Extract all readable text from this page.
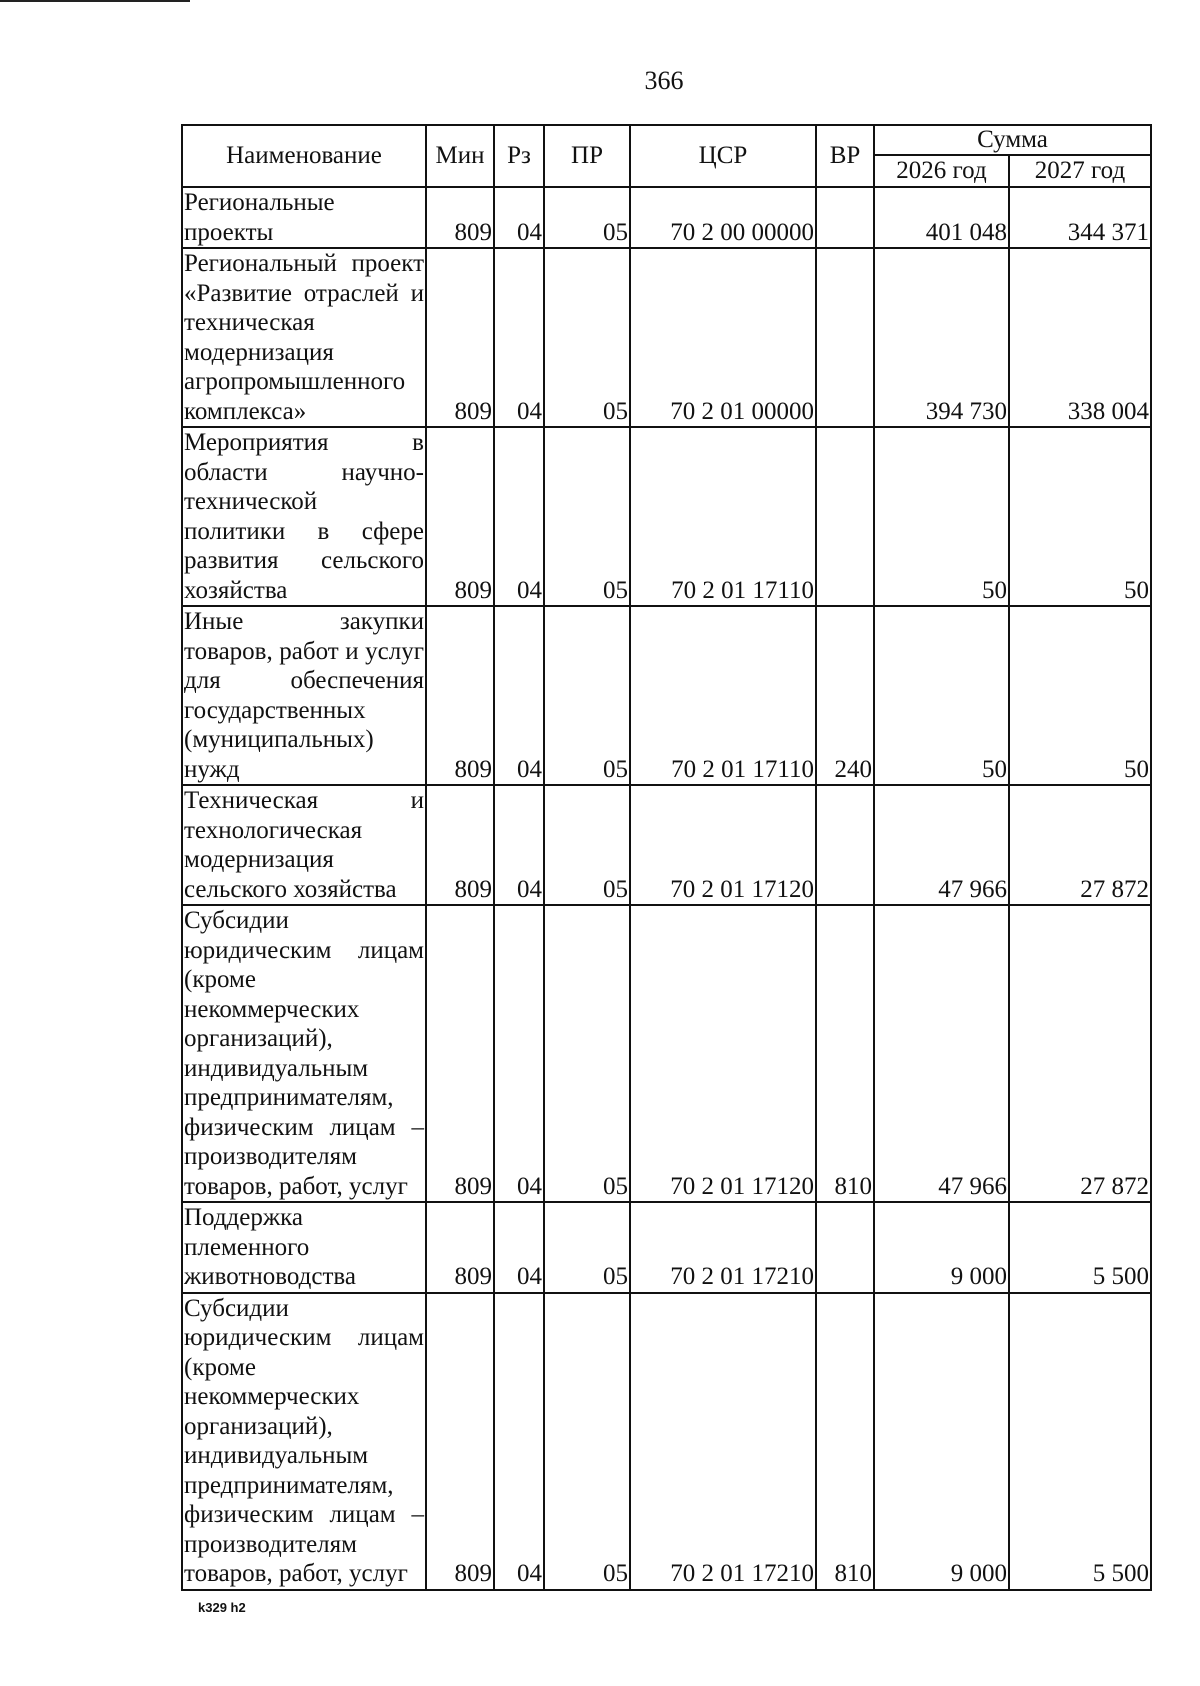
366
Наименование	Мин	Рз	ПР	ЦСР	ВР	Сумма	
						2026 год	2027 год
Региональные проекты	809	04	05	70 2 00 00000		401 048	344 371
Региональный проект «Развитие отраслей и техническая модернизация агропромышленного комплекса»	809	04	05	70 2 01 00000		394 730	338 004
Мероприятия в области научно-технической политики в сфере развития сельского хозяйства	809	04	05	70 2 01 17110		50	50
Иные закупки товаров, работ и услуг для обеспечения государственных (муниципальных) нужд	809	04	05	70 2 01 17110	240	50	50
Техническая и технологическая модернизация сельского хозяйства	809	04	05	70 2 01 17120		47 966	27 872
Субсидии юридическим лицам (кроме некоммерческих организаций), индивидуальным предпринимателям, физическим лицам – производителям товаров, работ, услуг	809	04	05	70 2 01 17120	810	47 966	27 872
Поддержка племенного животноводства	809	04	05	70 2 01 17210		9 000	5 500
Субсидии юридическим лицам (кроме некоммерческих организаций), индивидуальным предпринимателям, физическим лицам – производителям товаров, работ, услуг	809	04	05	70 2 01 17210	810	9 000	5 500
k329 h2
